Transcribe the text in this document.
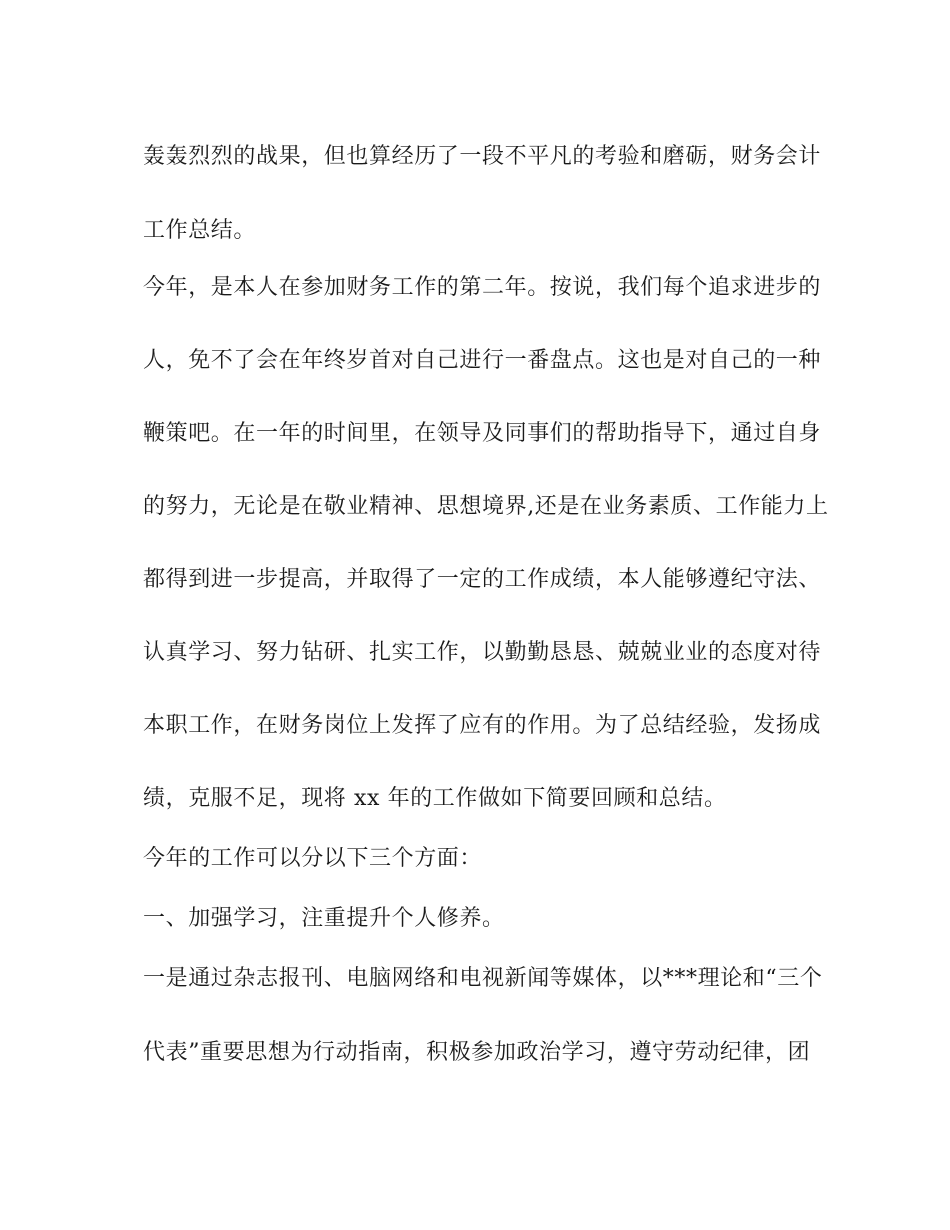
轰轰烈烈的战果，但也算经历了一段不平凡的考验和磨砺，财务会计
工作总结。
今年，是本人在参加财务工作的第二年。按说，我们每个追求进步的
人，免不了会在年终岁首对自己进行一番盘点。这也是对自己的一种
鞭策吧。在一年的时间里，在领导及同事们的帮助指导下，通过自身
的努力，无论是在敬业精神、思想境界,还是在业务素质、工作能力上
都得到进一步提高，并取得了一定的工作成绩，本人能够遵纪守法、
认真学习、努力钻研、扎实工作，以勤勤恳恳、兢兢业业的态度对待
本职工作，在财务岗位上发挥了应有的作用。为了总结经验，发扬成
绩，克服不足，现将 xx 年的工作做如下简要回顾和总结。
今年的工作可以分以下三个方面：
一、加强学习，注重提升个人修养。
一是通过杂志报刊、电脑网络和电视新闻等媒体，以***理论和“三个
代表”重要思想为行动指南，积极参加政治学习，遵守劳动纪律，团
